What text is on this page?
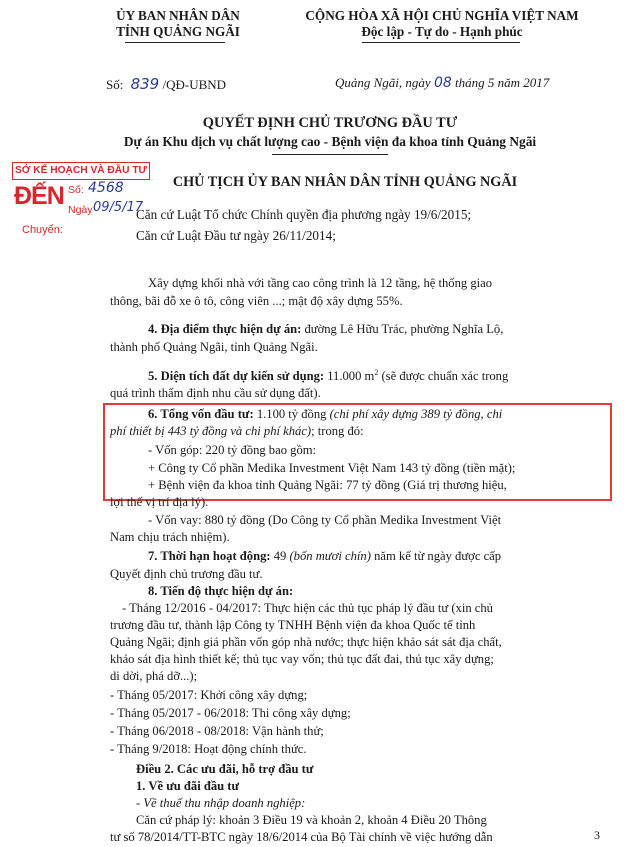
ỦY BAN NHÂN DÂN
TỈNH QUẢNG NGÃI
CỘNG HÒA XÃ HỘI CHỦ NGHĨA VIỆT NAM
Độc lập - Tự do - Hạnh phúc
Số: 839 /QĐ-UBND	Quảng Ngãi, ngày 08 tháng 5 năm 2017
QUYẾT ĐỊNH CHỦ TRƯƠNG ĐẦU TƯ
Dự án Khu dịch vụ chất lượng cao - Bệnh viện đa khoa tỉnh Quảng Ngãi
SỞ KẾ HOẠCH VÀ ĐẦU TƯ
ĐẾN Số: 4568
Ngày 09/5/17
Chuyển:
CHỦ TỊCH ỦY BAN NHÂN DÂN TỈNH QUẢNG NGÃI
Căn cứ Luật Tổ chức Chính quyền địa phương ngày 19/6/2015;
Căn cứ Luật Đầu tư ngày 26/11/2014;
Xây dựng khối nhà với tầng cao công trình là 12 tầng, hệ thống giao
thông, bãi đỗ xe ô tô, công viên ...; mật độ xây dựng 55%.
4. Địa điểm thực hiện dự án: đường Lê Hữu Trác, phường Nghĩa Lộ,
thành phố Quảng Ngãi, tỉnh Quảng Ngãi.
5. Diện tích đất dự kiến sử dụng: 11.000 $m^2$ (sẽ được chuẩn xác trong
quá trình thẩm định nhu cầu sử dụng đất).
6. Tổng vốn đầu tư: 1.100 tỷ đồng (chi phí xây dựng 389 tỷ đồng, chi
phí thiết bị 443 tỷ đồng và chi phí khác); trong đó:
- Vốn góp: 220 tỷ đồng bao gồm:
+ Công ty Cổ phần Medika Investment Việt Nam 143 tỷ đồng (tiền mặt);
+ Bệnh viện đa khoa tỉnh Quảng Ngãi: 77 tỷ đồng (Giá trị thương hiệu,
lợi thế vị trí địa lý).
- Vốn vay: 880 tỷ đồng (Do Công ty Cổ phần Medika Investment Việt
Nam chịu trách nhiệm).
7. Thời hạn hoạt động: 49 (bốn mươi chín) năm kể từ ngày được cấp
Quyết định chủ trương đầu tư.
8. Tiến độ thực hiện dự án:
- Tháng 12/2016 - 04/2017: Thực hiện các thủ tục pháp lý đầu tư (xin chủ
trương đầu tư, thành lập Công ty TNHH Bệnh viện đa khoa Quốc tế tỉnh
Quảng Ngãi; định giá phần vốn góp nhà nước; thực hiện khảo sát sát địa chất,
khảo sát địa hình thiết kế; thủ tục vay vốn; thủ tục đất đai, thủ tục xây dựng;
di dời, phá dỡ...);
- Tháng 05/2017: Khởi công xây dựng;
- Tháng 05/2017 - 06/2018: Thi công xây dựng;
- Tháng 06/2018 - 08/2018: Vận hành thử;
- Tháng 9/2018: Hoạt động chính thức.
Điều 2. Các ưu đãi, hỗ trợ đầu tư
1. Về ưu đãi đầu tư
- Về thuế thu nhập doanh nghiệp:
Căn cứ pháp lý: khoản 3 Điều 19 và khoản 2, khoản 4 Điều 20 Thông
tư số 78/2014/TT-BTC ngày 18/6/2014 của Bộ Tài chính về việc hướng dẫn	3
